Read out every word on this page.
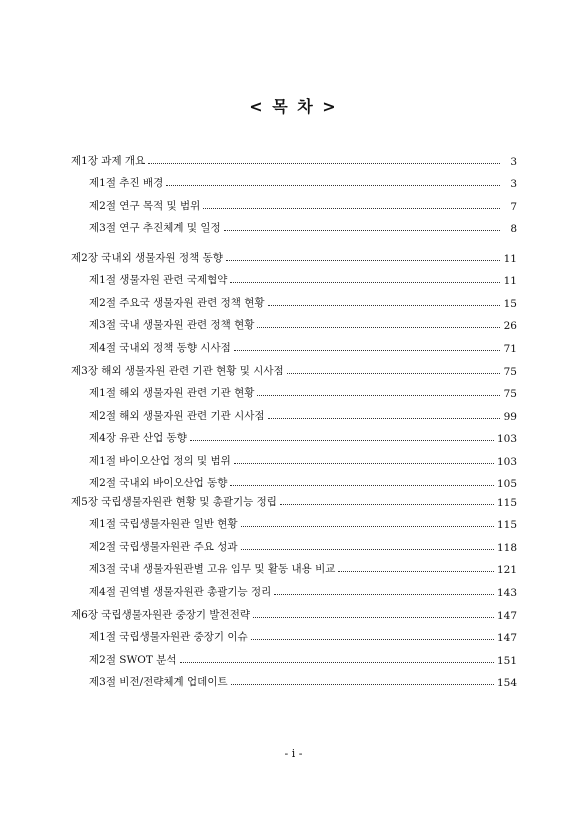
< 목 차 >
제1장 과제 개요	3
제1절 추진 배경	3
제2절 연구 목적 및 범위	7
제3절 연구 추진체계 및 일정	8
제2장 국내외 생물자원 정책 동향	11
제1절 생물자원 관련 국제협약	11
제2절 주요국 생물자원 관련 정책 현황	15
제3절 국내 생물자원 관련 정책 현황	26
제4절 국내외 정책 동향 시사점	71
제3장 해외 생물자원 관련 기관 현황 및 시사점	75
제1절 해외 생물자원 관련 기관 현황	75
제2절 해외 생물자원 관련 기관 시사점	99
제4장 유관 산업 동향	103
제1절 바이오산업 정의 및 범위	103
제2절 국내외 바이오산업 동향	105
제5장 국립생물자원관 현황 및 총괄기능 정립	115
제1절 국립생물자원관 일반 현황	115
제2절 국립생물자원관 주요 성과	118
제3절 국내 생물자원관별 고유 임무 및 활동 내용 비교	121
제4절 권역별 생물자원관 총괄기능 정리	143
제6장 국립생물자원관 중장기 발전전략	147
제1절 국립생물자원관 중장기 이슈	147
제2절 SWOT 분석	151
제3절 비전/전략체계 업데이트	154
- i -
